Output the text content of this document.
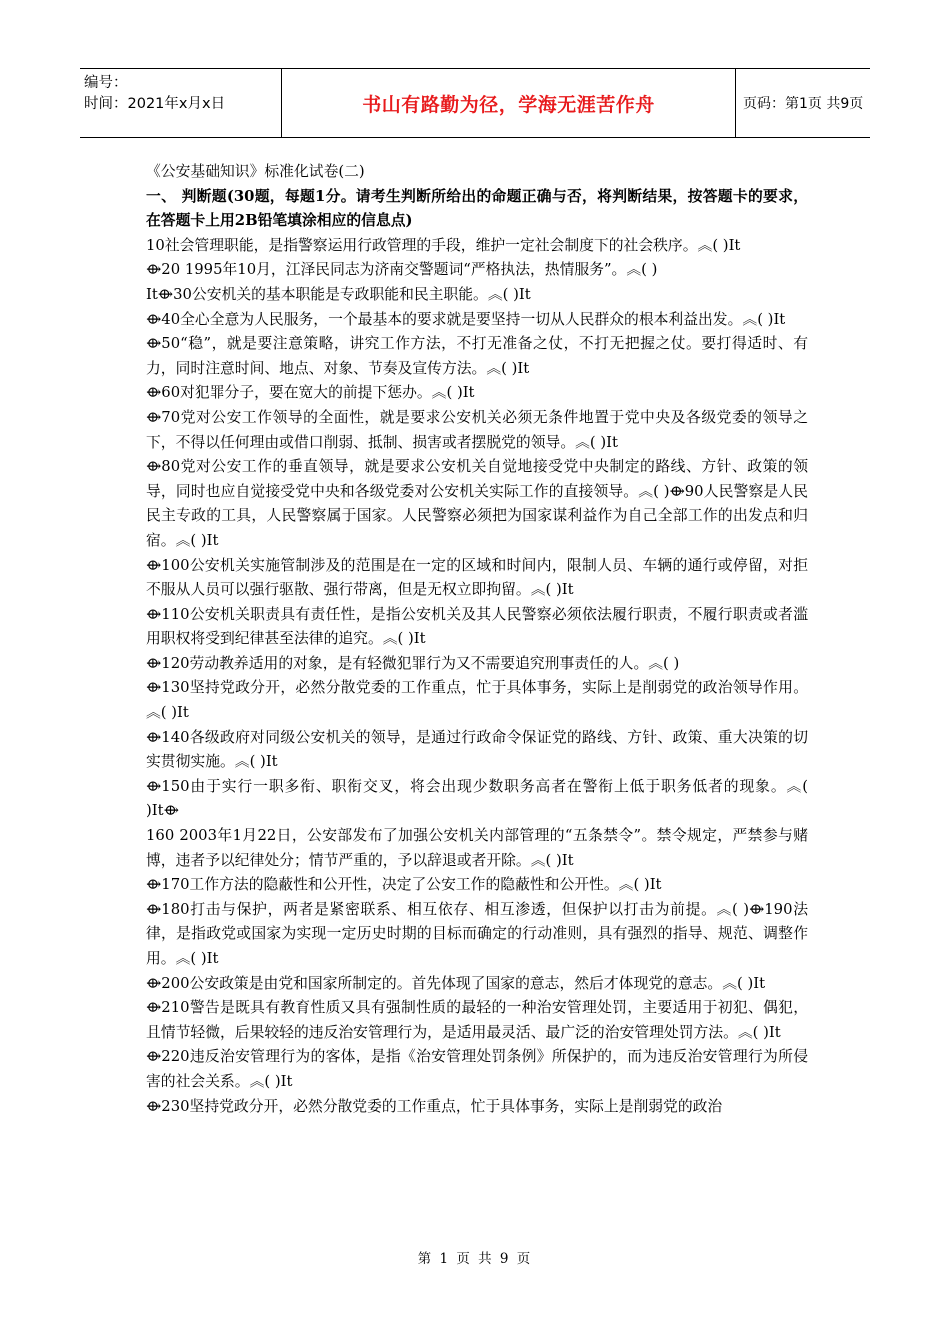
编号：
时间：2021年x月x日	书山有路勤为径，学海无涯苦作舟	页码：第1页 共9页

《公安基础知识》标准化试卷(二)

一、 判断题(30题，每题1分。请考生判断所给出的命题正确与否，将判断结果，按答题卡的要求，在答题卡上用2B铅笔填涂相应的信息点)

10社会管理职能，是指警察运用行政管理的手段，维护一定社会制度下的社会秩序。︽( )It

⟴20 1995年10月，江泽民同志为济南交警题词“严格执法，热情服务”。︽( )

It⟴30公安机关的基本职能是专政职能和民主职能。︽( )It

⟴40全心全意为人民服务，一个最基本的要求就是要坚持一切从人民群众的根本利益出发。︽( )It

⟴50“稳”，就是要注意策略，讲究工作方法，不打无准备之仗，不打无把握之仗。要打得适时、有力，同时注意时间、地点、对象、节奏及宣传方法。︽( )It

⟴60对犯罪分子，要在宽大的前提下惩办。︽( )It

⟴70党对公安工作领导的全面性，就是要求公安机关必须无条件地置于党中央及各级党委的领导之下，不得以任何理由或借口削弱、抵制、损害或者摆脱党的领导。︽( )It

⟴80党对公安工作的垂直领导，就是要求公安机关自觉地接受党中央制定的路线、方针、政策的领导，同时也应自觉接受党中央和各级党委对公安机关实际工作的直接领导。︽( )⟴90人民警察是人民民主专政的工具，人民警察属于国家。人民警察必须把为国家谋利益作为自己全部工作的出发点和归宿。︽( )It

⟴100公安机关实施管制涉及的范围是在一定的区域和时间内，限制人员、车辆的通行或停留，对拒不服从人员可以强行驱散、强行带离，但是无权立即拘留。︽( )It

⟴110公安机关职责具有责任性，是指公安机关及其人民警察必须依法履行职责，不履行职责或者滥用职权将受到纪律甚至法律的追究。︽( )It

⟴120劳动教养适用的对象，是有轻微犯罪行为又不需要追究刑事责任的人。︽( )

⟴130坚持党政分开，必然分散党委的工作重点，忙于具体事务，实际上是削弱党的政治领导作用。︽( )It

⟴140各级政府对同级公安机关的领导，是通过行政命令保证党的路线、方针、政策、重大决策的切实贯彻实施。︽( )It

⟴150由于实行一职多衔、职衔交叉，将会出现少数职务高者在警衔上低于职务低者的现象。︽( )It⟴

160 2003年1月22日，公安部发布了加强公安机关内部管理的“五条禁令”。禁令规定，严禁参与赌博，违者予以纪律处分；情节严重的，予以辞退或者开除。︽( )It

⟴170工作方法的隐蔽性和公开性，决定了公安工作的隐蔽性和公开性。︽( )It

⟴180打击与保护，两者是紧密联系、相互依存、相互渗透，但保护以打击为前提。︽( )⟴190法律，是指政党或国家为实现一定历史时期的目标而确定的行动准则，具有强烈的指导、规范、调整作用。︽( )It

⟴200公安政策是由党和国家所制定的。首先体现了国家的意志，然后才体现党的意志。︽( )It

⟴210警告是既具有教育性质又具有强制性质的最轻的一种治安管理处罚，主要适用于初犯、偶犯，且情节轻微，后果较轻的违反治安管理行为，是适用最灵活、最广泛的治安管理处罚方法。︽( )It

⟴220违反治安管理行为的客体，是指《治安管理处罚条例》所保护的，而为违反治安管理行为所侵害的社会关系。︽( )It

⟴230坚持党政分开，必然分散党委的工作重点，忙于具体事务，实际上是削弱党的政治

第 1 页 共 9 页
